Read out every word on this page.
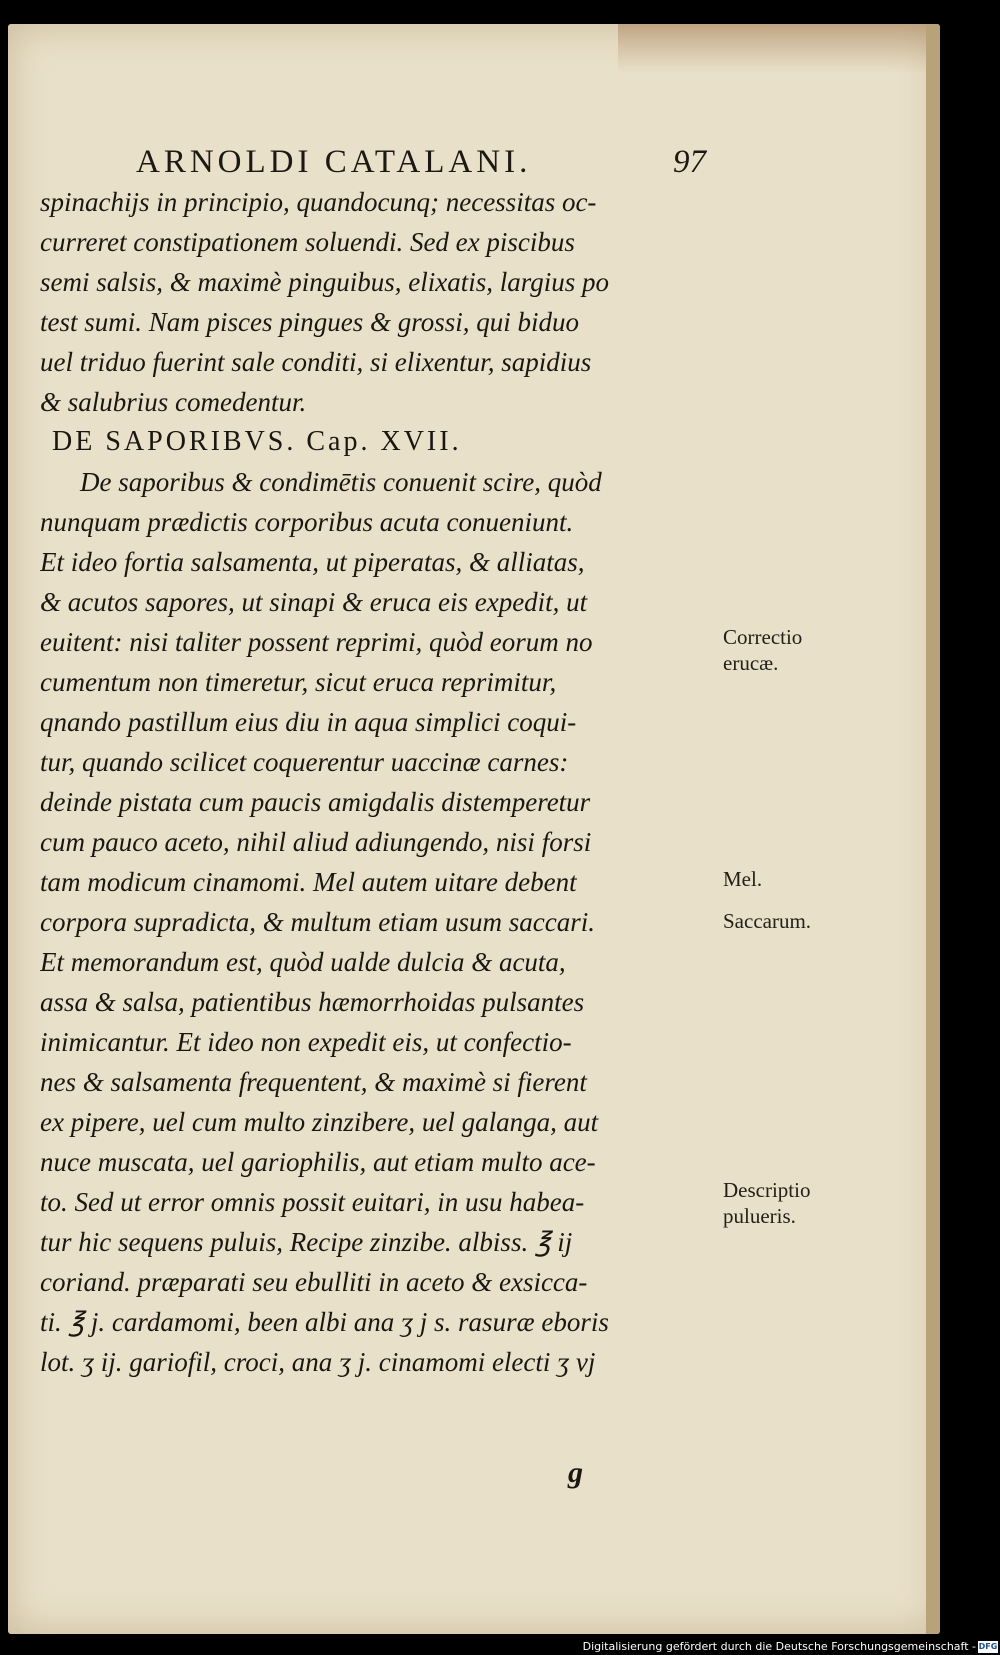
ARNOLDI CATALANI.	97
spinachijs in principio, quandocunq; necessitas oc-
curreret constipationem soluendi. Sed ex piscibus
semi salsis, & maximè pinguibus, elixatis, largius po
test sumi. Nam pisces pingues & grossi, qui biduo
uel triduo fuerint sale conditi, si elixentur, sapidius
& salubrius comedentur.
DE SAPORIBVS. Cap. XVII.
De saporibus & condimētis conuenit scire, quòd
nunquam prædictis corporibus acuta conueniunt.
Et ideo fortia salsamenta, ut piperatas, & alliatas,
& acutos sapores, ut sinapi & eruca eis expedit, ut
euitent: nisi taliter possent reprimi, quòd eorum no
cumentum non timeretur, sicut eruca reprimitur,
qnando pastillum eius diu in aqua simplici coqui-
tur, quando scilicet coquerentur uaccinæ carnes:
deinde pistata cum paucis amigdalis distemperetur
cum pauco aceto, nihil aliud adiungendo, nisi forsi
tam modicum cinamomi. Mel autem uitare debent
corpora supradicta, & multum etiam usum saccari.
Et memorandum est, quòd ualde dulcia & acuta,
assa & salsa, patientibus hæmorrhoidas pulsantes
inimicantur. Et ideo non expedit eis, ut confectio-
nes & salsamenta frequentent, & maximè si fierent
ex pipere, uel cum multo zinzibere, uel galanga, aut
nuce muscata, uel gariophilis, aut etiam multo ace-
to. Sed ut error omnis possit euitari, in usu habea-
tur hic sequens puluis, Recipe zinzibe. albiss. ℥ ij
coriand. præparati seu ebulliti in aceto & exsicca-
ti. ℥ j. cardamomi, been albi ana ʒ j s. rasuræ eboris
lot. ʒ ij. gariofil, croci, ana ʒ j. cinamomi electi ʒ vj
Correctio
erucæ.
Mel.
Saccarum.
Descriptio
pulueris.
g
Digitalisierung gefördert durch die Deutsche Forschungsgemeinschaft - DFG
